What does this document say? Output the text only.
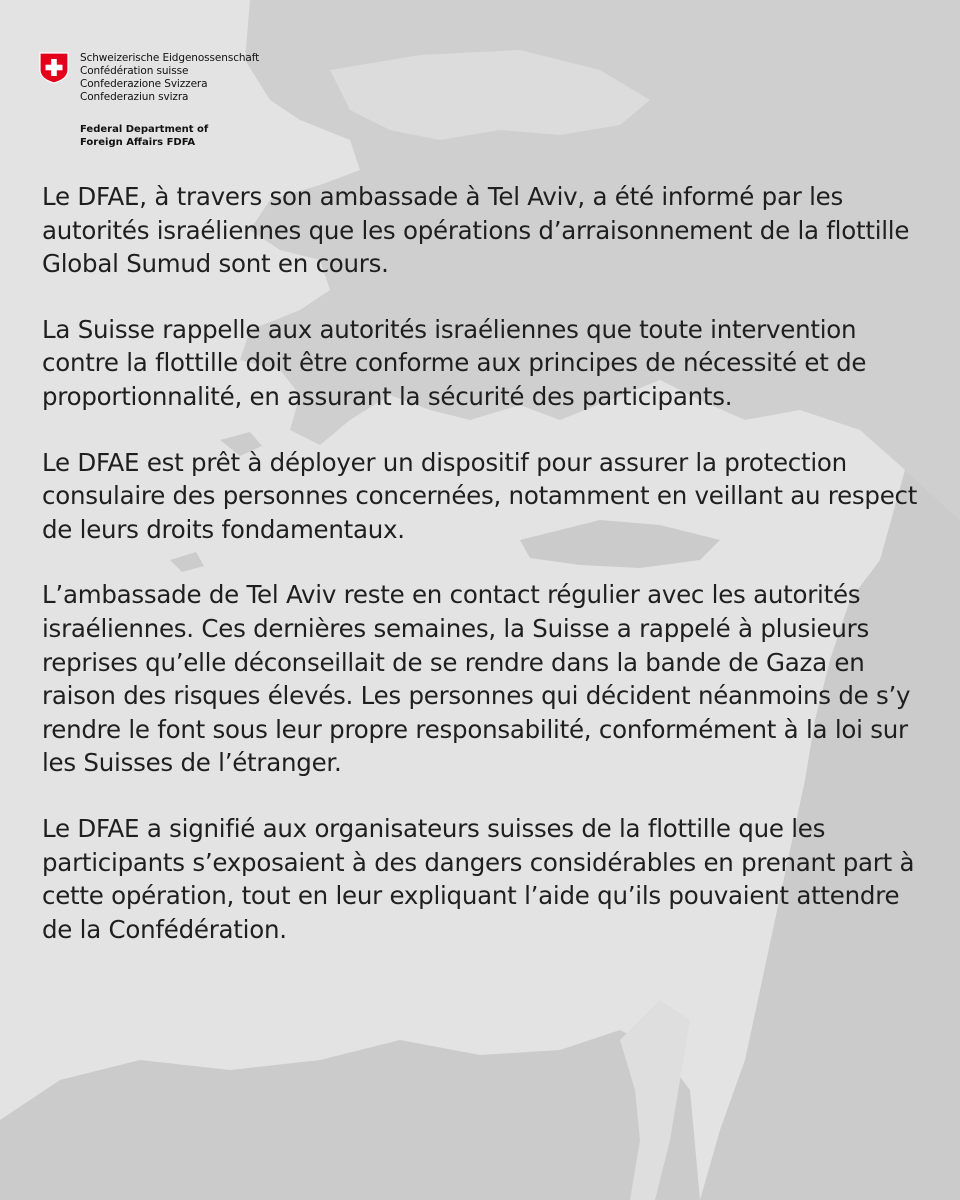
Schweizerische Eidgenossenschaft
Confédération suisse
Confederazione Svizzera
Confederaziun svizra
Federal Department of
Foreign Affairs FDFA

Le DFAE, à travers son ambassade à Tel Aviv, a été informé par les autorités israéliennes que les opérations d’arraisonnement de la flottille Global Sumud sont en cours.

La Suisse rappelle aux autorités israéliennes que toute intervention contre la flottille doit être conforme aux principes de nécessité et de proportionnalité, en assurant la sécurité des participants.

Le DFAE est prêt à déployer un dispositif pour assurer la protection consulaire des personnes concernées, notamment en veillant au respect de leurs droits fondamentaux.

L’ambassade de Tel Aviv reste en contact régulier avec les autorités israéliennes. Ces dernières semaines, la Suisse a rappelé à plusieurs reprises qu’elle déconseillait de se rendre dans la bande de Gaza en raison des risques élevés. Les personnes qui décident néanmoins de s’y rendre le font sous leur propre responsabilité, conformément à la loi sur les Suisses de l’étranger.

Le DFAE a signifié aux organisateurs suisses de la flottille que les participants s’exposaient à des dangers considérables en prenant part à cette opération, tout en leur expliquant l’aide qu’ils pouvaient attendre de la Confédération.
